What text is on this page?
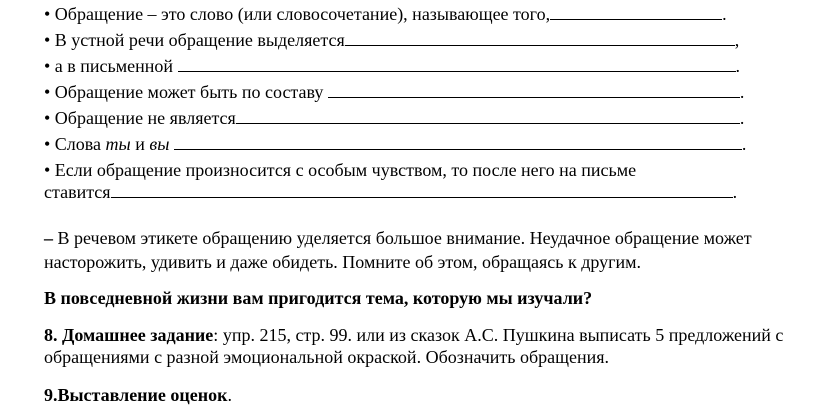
• Обращение – это слово (или словосочетание), называющее того,	.
• В устной речи обращение выделяется	,
• а в письменной	.
• Обращение может быть по составу	.
• Обращение не является	.
• Слова ты и вы	.
• Если обращение произносится с особым чувством, то после него на письме
ставится	.
– В речевом этикете обращению уделяется большое внимание. Неудачное обращение может
насторожить, удивить и даже обидеть. Помните об этом, обращаясь к другим.
В повседневной жизни вам пригодится тема, которую мы изучали?
8. Домашнее задание: упр. 215, стр. 99. или из сказок А.С. Пушкина выписать 5 предложений с
обращениями с разной эмоциональной окраской. Обозначить обращения.
9.Выставление оценок.
